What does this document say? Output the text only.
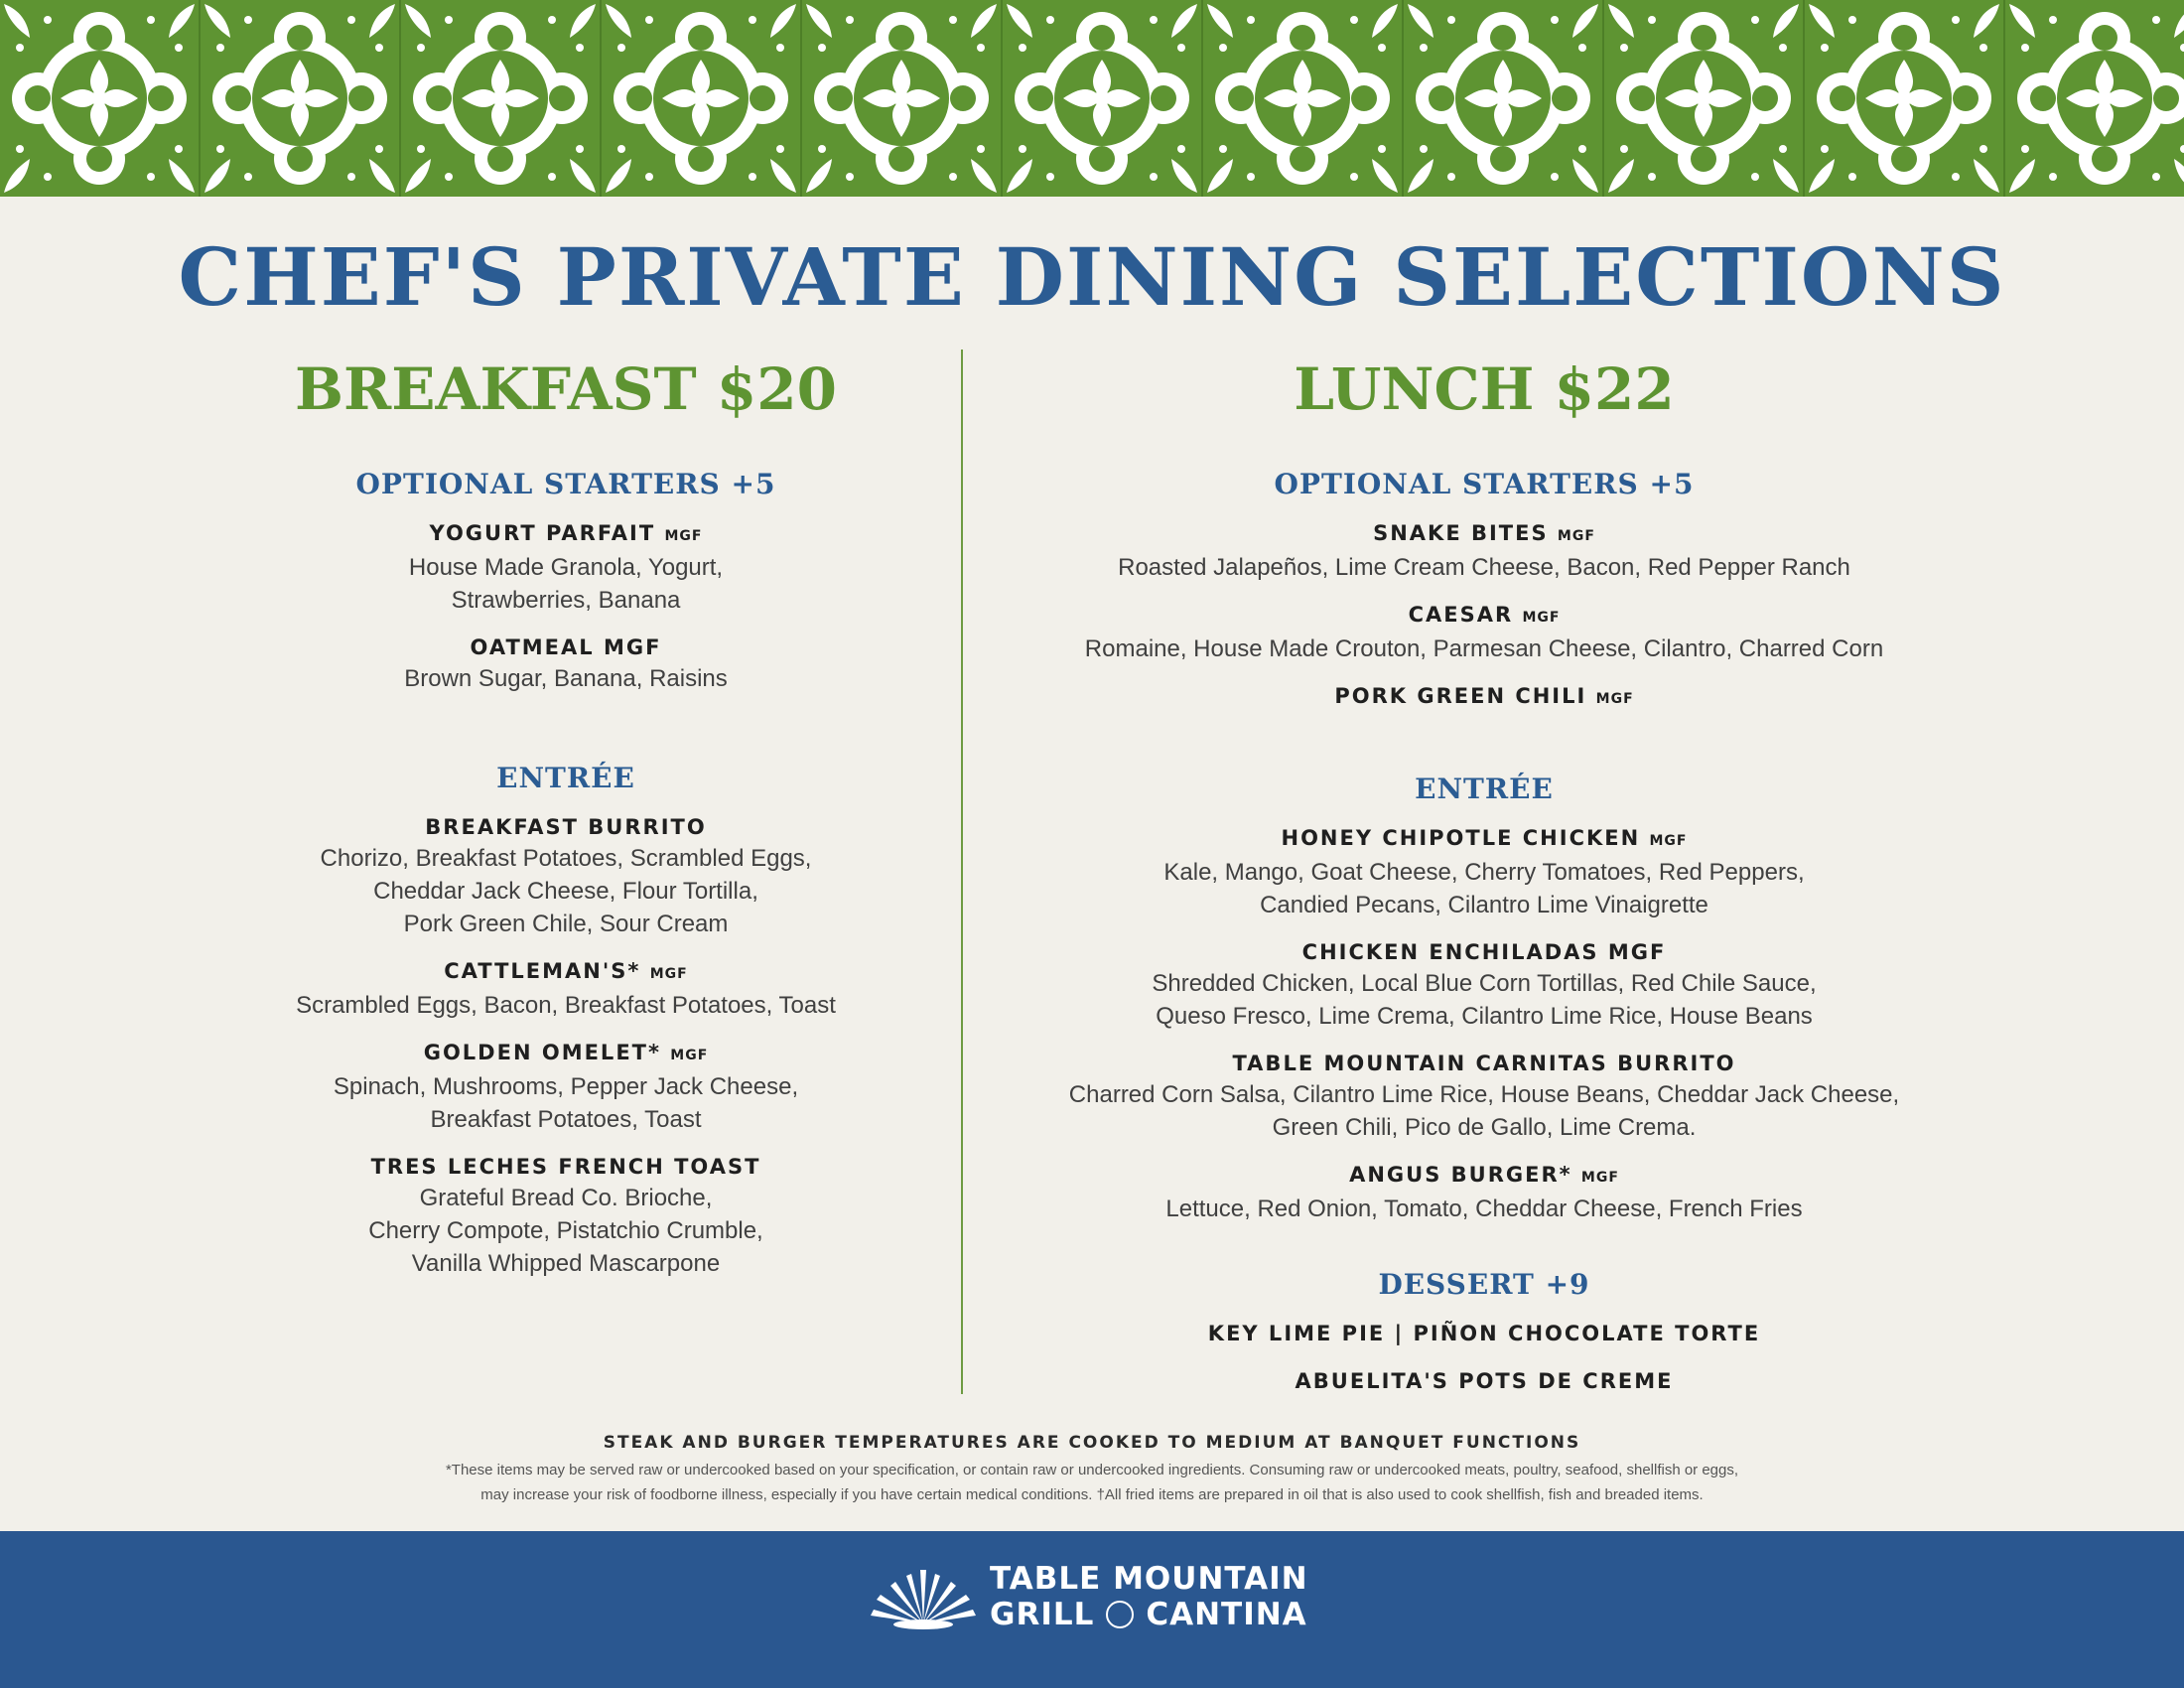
CHEF'S PRIVATE DINING SELECTIONS
BREAKFAST $20
OPTIONAL STARTERS +5
YOGURT PARFAIT MGF
House Made Granola, Yogurt,
Strawberries, Banana
OATMEAL MGF
Brown Sugar, Banana, Raisins
ENTRÉE
BREAKFAST BURRITO
Chorizo, Breakfast Potatoes, Scrambled Eggs,
Cheddar Jack Cheese, Flour Tortilla,
Pork Green Chile, Sour Cream
CATTLEMAN'S* MGF
Scrambled Eggs, Bacon, Breakfast Potatoes, Toast
GOLDEN OMELET* MGF
Spinach, Mushrooms, Pepper Jack Cheese,
Breakfast Potatoes, Toast
TRES LECHES FRENCH TOAST
Grateful Bread Co. Brioche,
Cherry Compote, Pistatchio Crumble,
Vanilla Whipped Mascarpone
LUNCH $22
OPTIONAL STARTERS +5
SNAKE BITES MGF
Roasted Jalapeños, Lime Cream Cheese, Bacon, Red Pepper Ranch
CAESAR MGF
Romaine, House Made Crouton, Parmesan Cheese, Cilantro, Charred Corn
PORK GREEN CHILI MGF
ENTRÉE
HONEY CHIPOTLE CHICKEN MGF
Kale, Mango, Goat Cheese, Cherry Tomatoes, Red Peppers,
Candied Pecans, Cilantro Lime Vinaigrette
CHICKEN ENCHILADAS MGF
Shredded Chicken, Local Blue Corn Tortillas, Red Chile Sauce,
Queso Fresco, Lime Crema, Cilantro Lime Rice, House Beans
TABLE MOUNTAIN CARNITAS BURRITO
Charred Corn Salsa, Cilantro Lime Rice, House Beans, Cheddar Jack Cheese,
Green Chili, Pico de Gallo, Lime Crema.
ANGUS BURGER* MGF
Lettuce, Red Onion, Tomato, Cheddar Cheese, French Fries
DESSERT +9
KEY LIME PIE | PIÑON CHOCOLATE TORTE
ABUELITA'S POTS DE CREME
STEAK AND BURGER TEMPERATURES ARE COOKED TO MEDIUM AT BANQUET FUNCTIONS
*These items may be served raw or undercooked based on your specification, or contain raw or undercooked ingredients. Consuming raw or undercooked meats, poultry, seafood, shellfish or eggs,
may increase your risk of foodborne illness, especially if you have certain medical conditions. †All fried items are prepared in oil that is also used to cook shellfish, fish and breaded items.
TABLE MOUNTAIN
GRILL CANTINA
